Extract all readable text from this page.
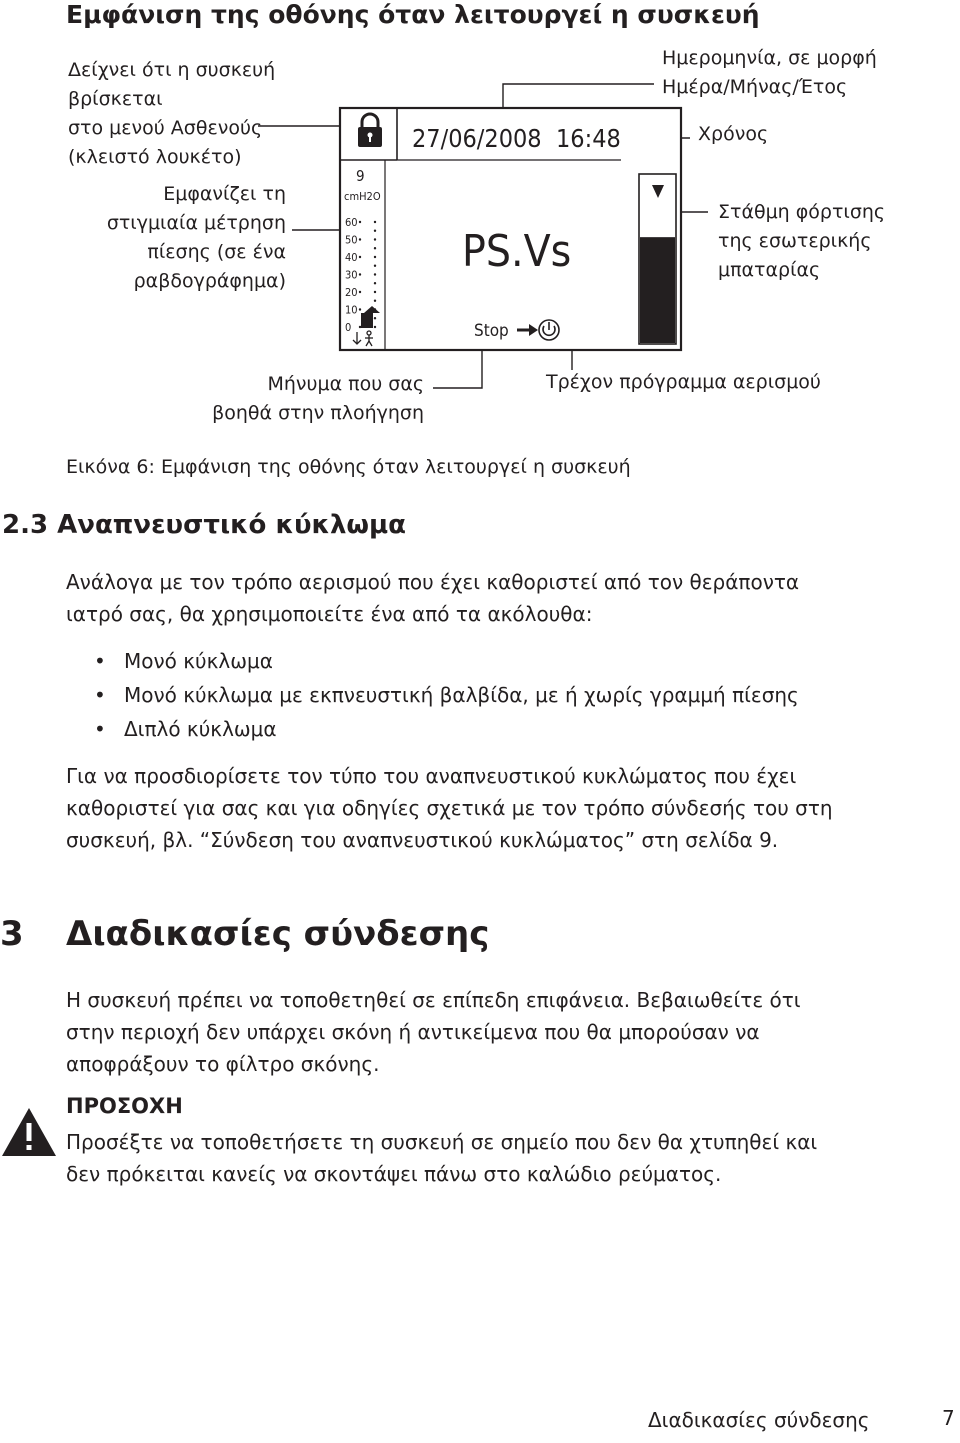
Εμφάνιση της οθόνης όταν λειτουργεί η συσκευή
Δείχνει ότι η συσκευή βρίσκεται
στο μενού Ασθενούς
(κλειστό λουκέτο)
Εμφανίζει τη
στιγμιαία μέτρηση
πίεσης (σε ένα
ραβδογράφημα)
Μήνυμα που σας
βοηθά στην πλοήγηση
Ημερομηνία, σε μορφή
Ημέρα/Μήνας/Έτος
Χρόνος
Στάθμη φόρτισης
της εσωτερικής
μπαταρίας
Τρέχον πρόγραμμα αερισμού
27/06/2008 16:48
9
cmH2O
60
50
40
30
20
10
0
PS.Vs
Stop
Εικόνα 6: Εμφάνιση της οθόνης όταν λειτουργεί η συσκευή
2.3 Αναπνευστικό κύκλωμα
Ανάλογα με τον τρόπο αερισμού που έχει καθοριστεί από τον θεράποντα
ιατρό σας, θα χρησιμοποιείτε ένα από τα ακόλουθα:
• Μονό κύκλωμα
• Μονό κύκλωμα με εκπνευστική βαλβίδα, με ή χωρίς γραμμή πίεσης
• Διπλό κύκλωμα
Για να προσδιορίσετε τον τύπο του αναπνευστικού κυκλώματος που έχει
καθοριστεί για σας και για οδηγίες σχετικά με τον τρόπο σύνδεσής του στη
συσκευή, βλ. “Σύνδεση του αναπνευστικού κυκλώματος” στη σελίδα 9.
3 Διαδικασίες σύνδεσης
Η συσκευή πρέπει να τοποθετηθεί σε επίπεδη επιφάνεια. Βεβαιωθείτε ότι
στην περιοχή δεν υπάρχει σκόνη ή αντικείμενα που θα μπορούσαν να
αποφράξουν το φίλτρο σκόνης.
ΠΡΟΣΟΧΗ
Προσέξτε να τοποθετήσετε τη συσκευή σε σημείο που δεν θα χτυπηθεί και
δεν πρόκειται κανείς να σκοντάψει πάνω στο καλώδιο ρεύματος.
Διαδικασίες σύνδεσης	7
